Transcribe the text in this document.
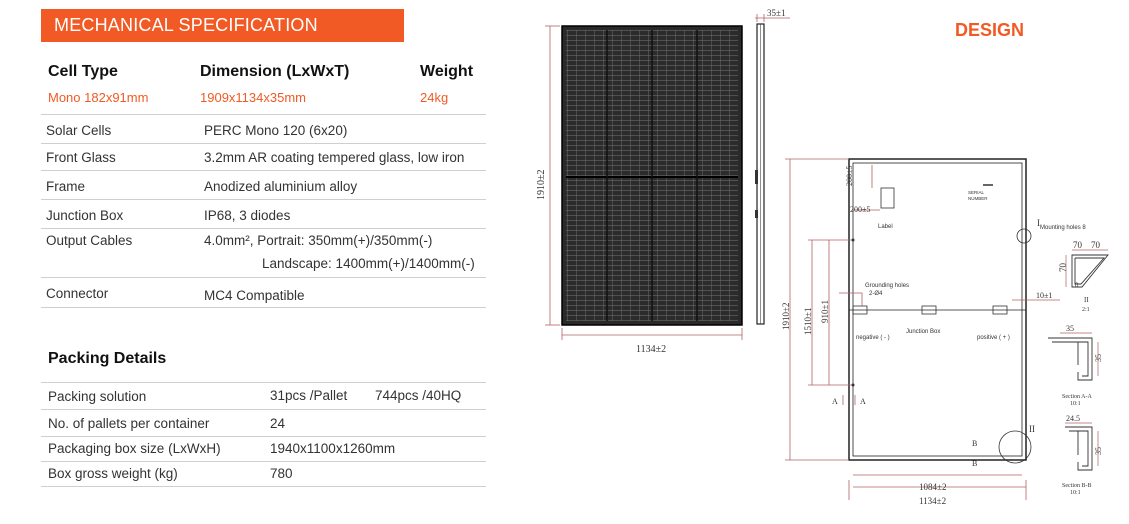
MECHANICAL SPECIFICATION
Cell Type	Dimension (LxWxT)	Weight
Mono 182x91mm	1909x1134x35mm	24kg
Solar Cells	PERC Mono 120 (6x20)
Front Glass	3.2mm AR coating tempered glass, low iron
Frame	Anodized aluminium alloy
Junction Box	IP68, 3 diodes
Output Cables	4.0mm², Portrait: 350mm(+)/350mm(-)
Landscape: 1400mm(+)/1400mm(-)
Connector	MC4 Compatible
Packing Details
Packing solution	31pcs /Pallet 744pcs /40HQ
No. of pallets per container	24
Packaging box size (LxWxH)	1940x1100x1260mm
Box gross weight (kg)	780
DESIGN
1910±2
1134±2
35±1
200±5
200±5
Label
SERIAL
NUMBER
Mounting holes 8
Grounding holes
2-Ø4
negative ( - )
Junction Box
positive ( + )
10±1
1910±2 1510±1 910±1
1084±2
1134±2
I
II
A	A
B
B
70 70
70
0
II
2:1
35
35
Section A-A
10:1
24.5
35
Section B-B
10:1
